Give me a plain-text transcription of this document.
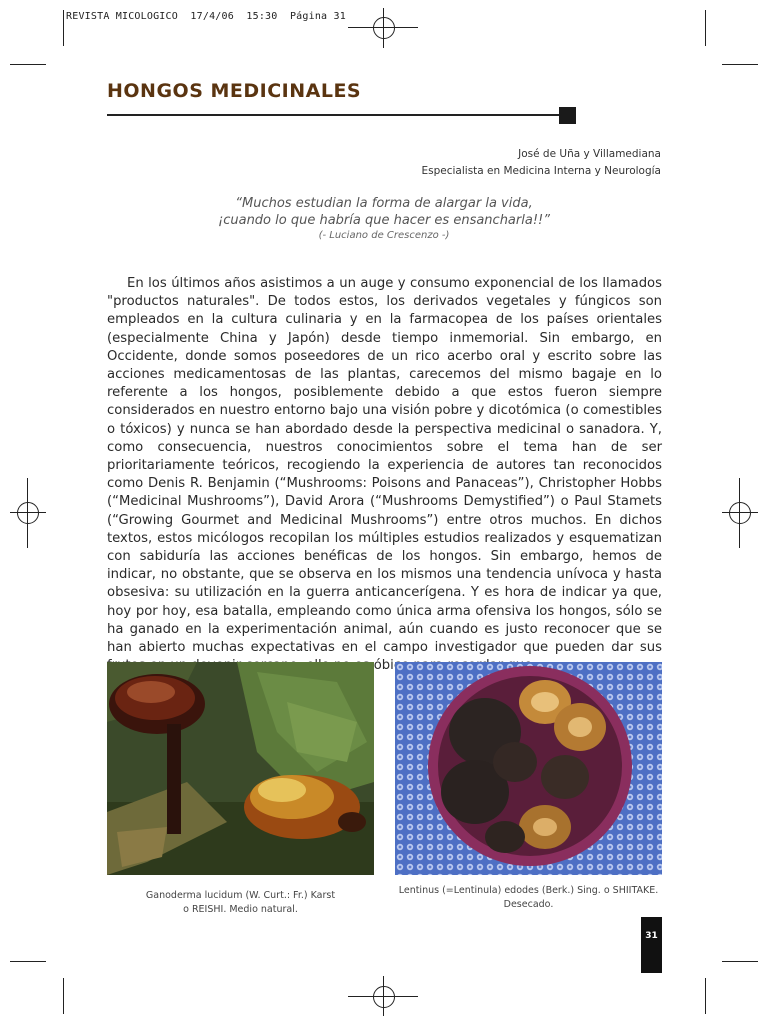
REVISTA MICOLOGICO  17/4/06  15:30  Página 31
HONGOS MEDICINALES
José de Uña y Villamediana
Especialista en Medicina Interna y Neurología
“Muchos estudian la forma de alargar la vida,
¡cuando lo que habría que hacer es ensancharla!!”
(- Luciano de Crescenzo -)

En los últimos años asistimos a un auge y consumo exponencial de los llamados "productos naturales". De todos estos, los derivados vegetales y fúngicos son empleados en la cultura culinaria y en la farmacopea de los países orientales (especialmente China y Japón) desde tiempo inmemorial. Sin embargo, en Occidente, donde somos poseedores de un rico acerbo oral y escrito sobre las acciones medicamentosas de las plantas, carecemos del mismo bagaje en lo referente a los hongos, posiblemente debido a que estos fueron siempre considerados en nuestro entorno bajo una visión pobre y dicotómica (o comestibles o tóxicos) y nunca se han abordado desde la perspectiva medicinal o sanadora. Y, como consecuencia, nuestros conocimientos sobre el tema han de ser prioritariamente teóricos, recogiendo la experiencia de autores tan reconocidos como Denis R. Benjamin (“Mushrooms: Poisons and Panaceas”), Christopher Hobbs (“Medicinal Mushrooms”), David Arora (“Mushrooms Demystified”) o Paul Stamets (“Growing Gourmet and Medicinal Mushrooms”) entre otros muchos. En dichos textos, estos micólogos recopilan los múltiples estudios realizados y esquematizan con sabiduría las acciones benéficas de los hongos. Sin embargo, hemos de indicar, no obstante, que se observa en los mismos una tendencia unívoca y hasta obsesiva: su utilización en la guerra anticancerígena. Y es hora de indicar ya que, hoy por hoy, esa batalla, empleando como única arma ofensiva los hongos, sólo se ha ganado en la experimentación animal, aún cuando es justo reconocer que se han abierto muchas expectativas en el campo investigador que pueden dar sus óbice

Ganoderma lucidum (W. Curt.: Fr.) Karst
o REISHI. Medio natural.
Lentinus (=Lentinula) edodes (Berk.) Sing. o SHIITAKE.
Desecado.
31
